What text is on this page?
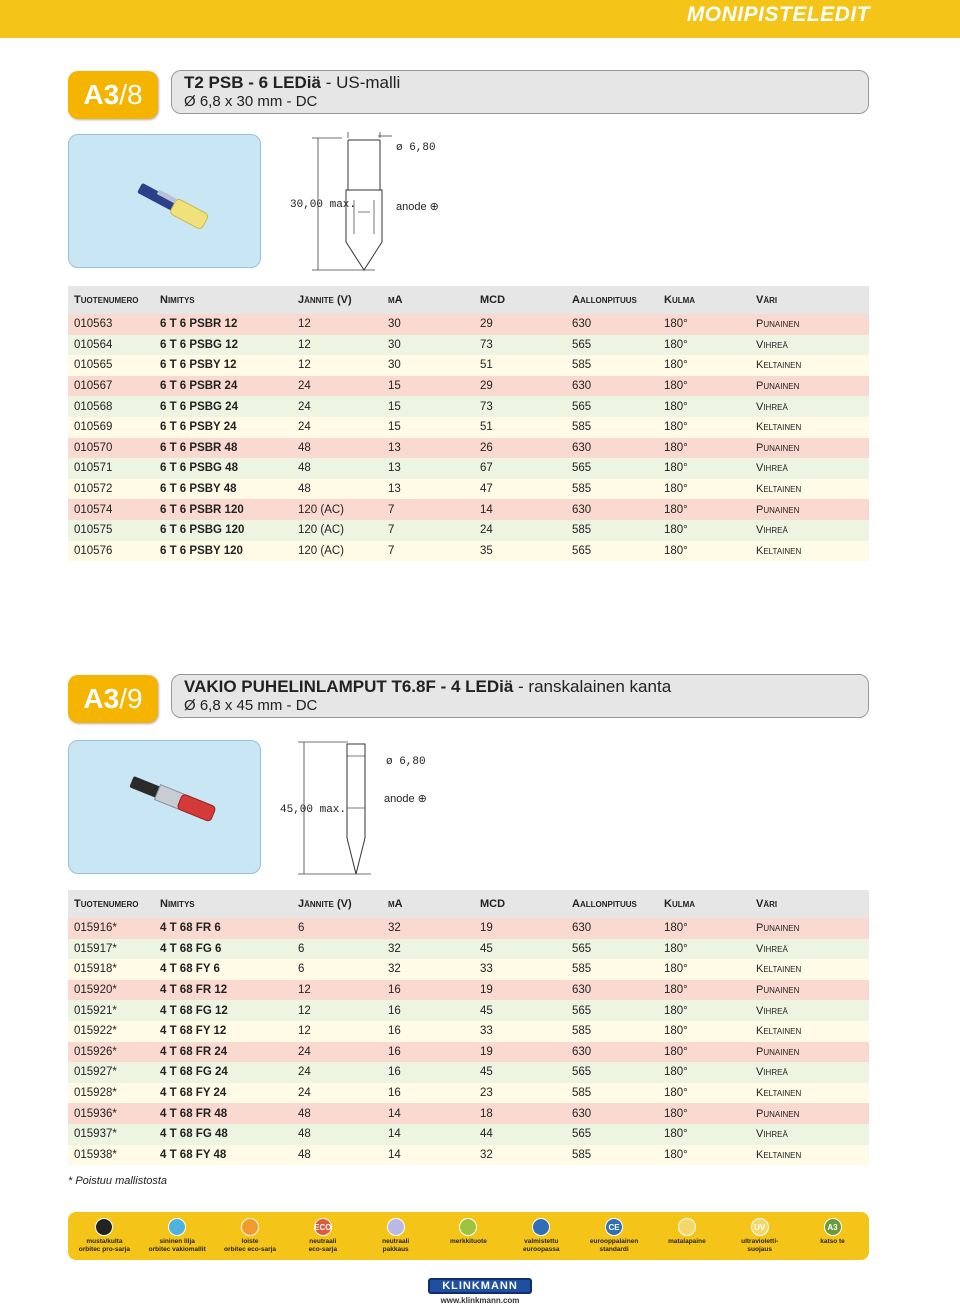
MONIPISTELEDIT
A3 /8 T2 PSB - 6 LEDiä - US-malli
Ø 6,8 x 30 mm - DC
ø 6,80
30,00 max.	anode ⊕
Tuotenumero	Nimitys	Jännite (V)	mA	MCD	Aallonpituus	Kulma	Väri
010563	6 T 6 PSBR 12	12	30	29	630	180°	Punainen
010564	6 T 6 PSBG 12	12	30	73	565	180°	Vihreä
010565	6 T 6 PSBY 12	12	30	51	585	180°	Keltainen
010567	6 T 6 PSBR 24	24	15	29	630	180°	Punainen
010568	6 T 6 PSBG 24	24	15	73	565	180°	Vihreä
010569	6 T 6 PSBY 24	24	15	51	585	180°	Keltainen
010570	6 T 6 PSBR 48	48	13	26	630	180°	Punainen
010571	6 T 6 PSBG 48	48	13	67	565	180°	Vihreä
010572	6 T 6 PSBY 48	48	13	47	585	180°	Keltainen
010574	6 T 6 PSBR 120	120 (AC)	7	14	630	180°	Punainen
010575	6 T 6 PSBG 120	120 (AC)	7	24	585	180°	Vihreä
010576	6 T 6 PSBY 120	120 (AC)	7	35	565	180°	Keltainen
A3 /9 VAKIO PUHELINLAMPUT T6.8F - 4 LEDiä - ranskalainen kanta
Ø 6,8 x 45 mm - DC
ø 6,80
45,00 max.
anode ⊕
Tuotenumero	Nimitys	Jännite (V)	mA	MCD	Aallonpituus	Kulma	Väri
015916*	4 T 68 FR 6	6	32	19	630	180°	Punainen
015917*	4 T 68 FG 6	6	32	45	565	180°	Vihreä
015918*	4 T 68 FY 6	6	32	33	585	180°	Keltainen
015920*	4 T 68 FR 12	12	16	19	630	180°	Punainen
015921*	4 T 68 FG 12	12	16	45	565	180°	Vihreä
015922*	4 T 68 FY 12	12	16	33	585	180°	Keltainen
015926*	4 T 68 FR 24	24	16	19	630	180°	Punainen
015927*	4 T 68 FG 24	24	16	45	565	180°	Vihreä
015928*	4 T 68 FY 24	24	16	23	585	180°	Keltainen
015936*	4 T 68 FR 48	48	14	18	630	180°	Punainen
015937*	4 T 68 FG 48	48	14	44	565	180°	Vihreä
015938*	4 T 68 FY 48	48	14	32	585	180°	Keltainen
* Poistuu mallistosta
musta/kulta
orbitec pro-sarja
sininen lilja
orbitec vakiomallit
loiste
orbitec eco-sarja
ECO
neutraali
eco-sarja
neutraali
pakkaus
merkkituote	valmistettu
euroopassa
CE
eurooppalainen
standardi
matalapaine
UV
ultravioletti-
suojaus
A3
katso te
KLINKMANN
www.klinkmann.com
